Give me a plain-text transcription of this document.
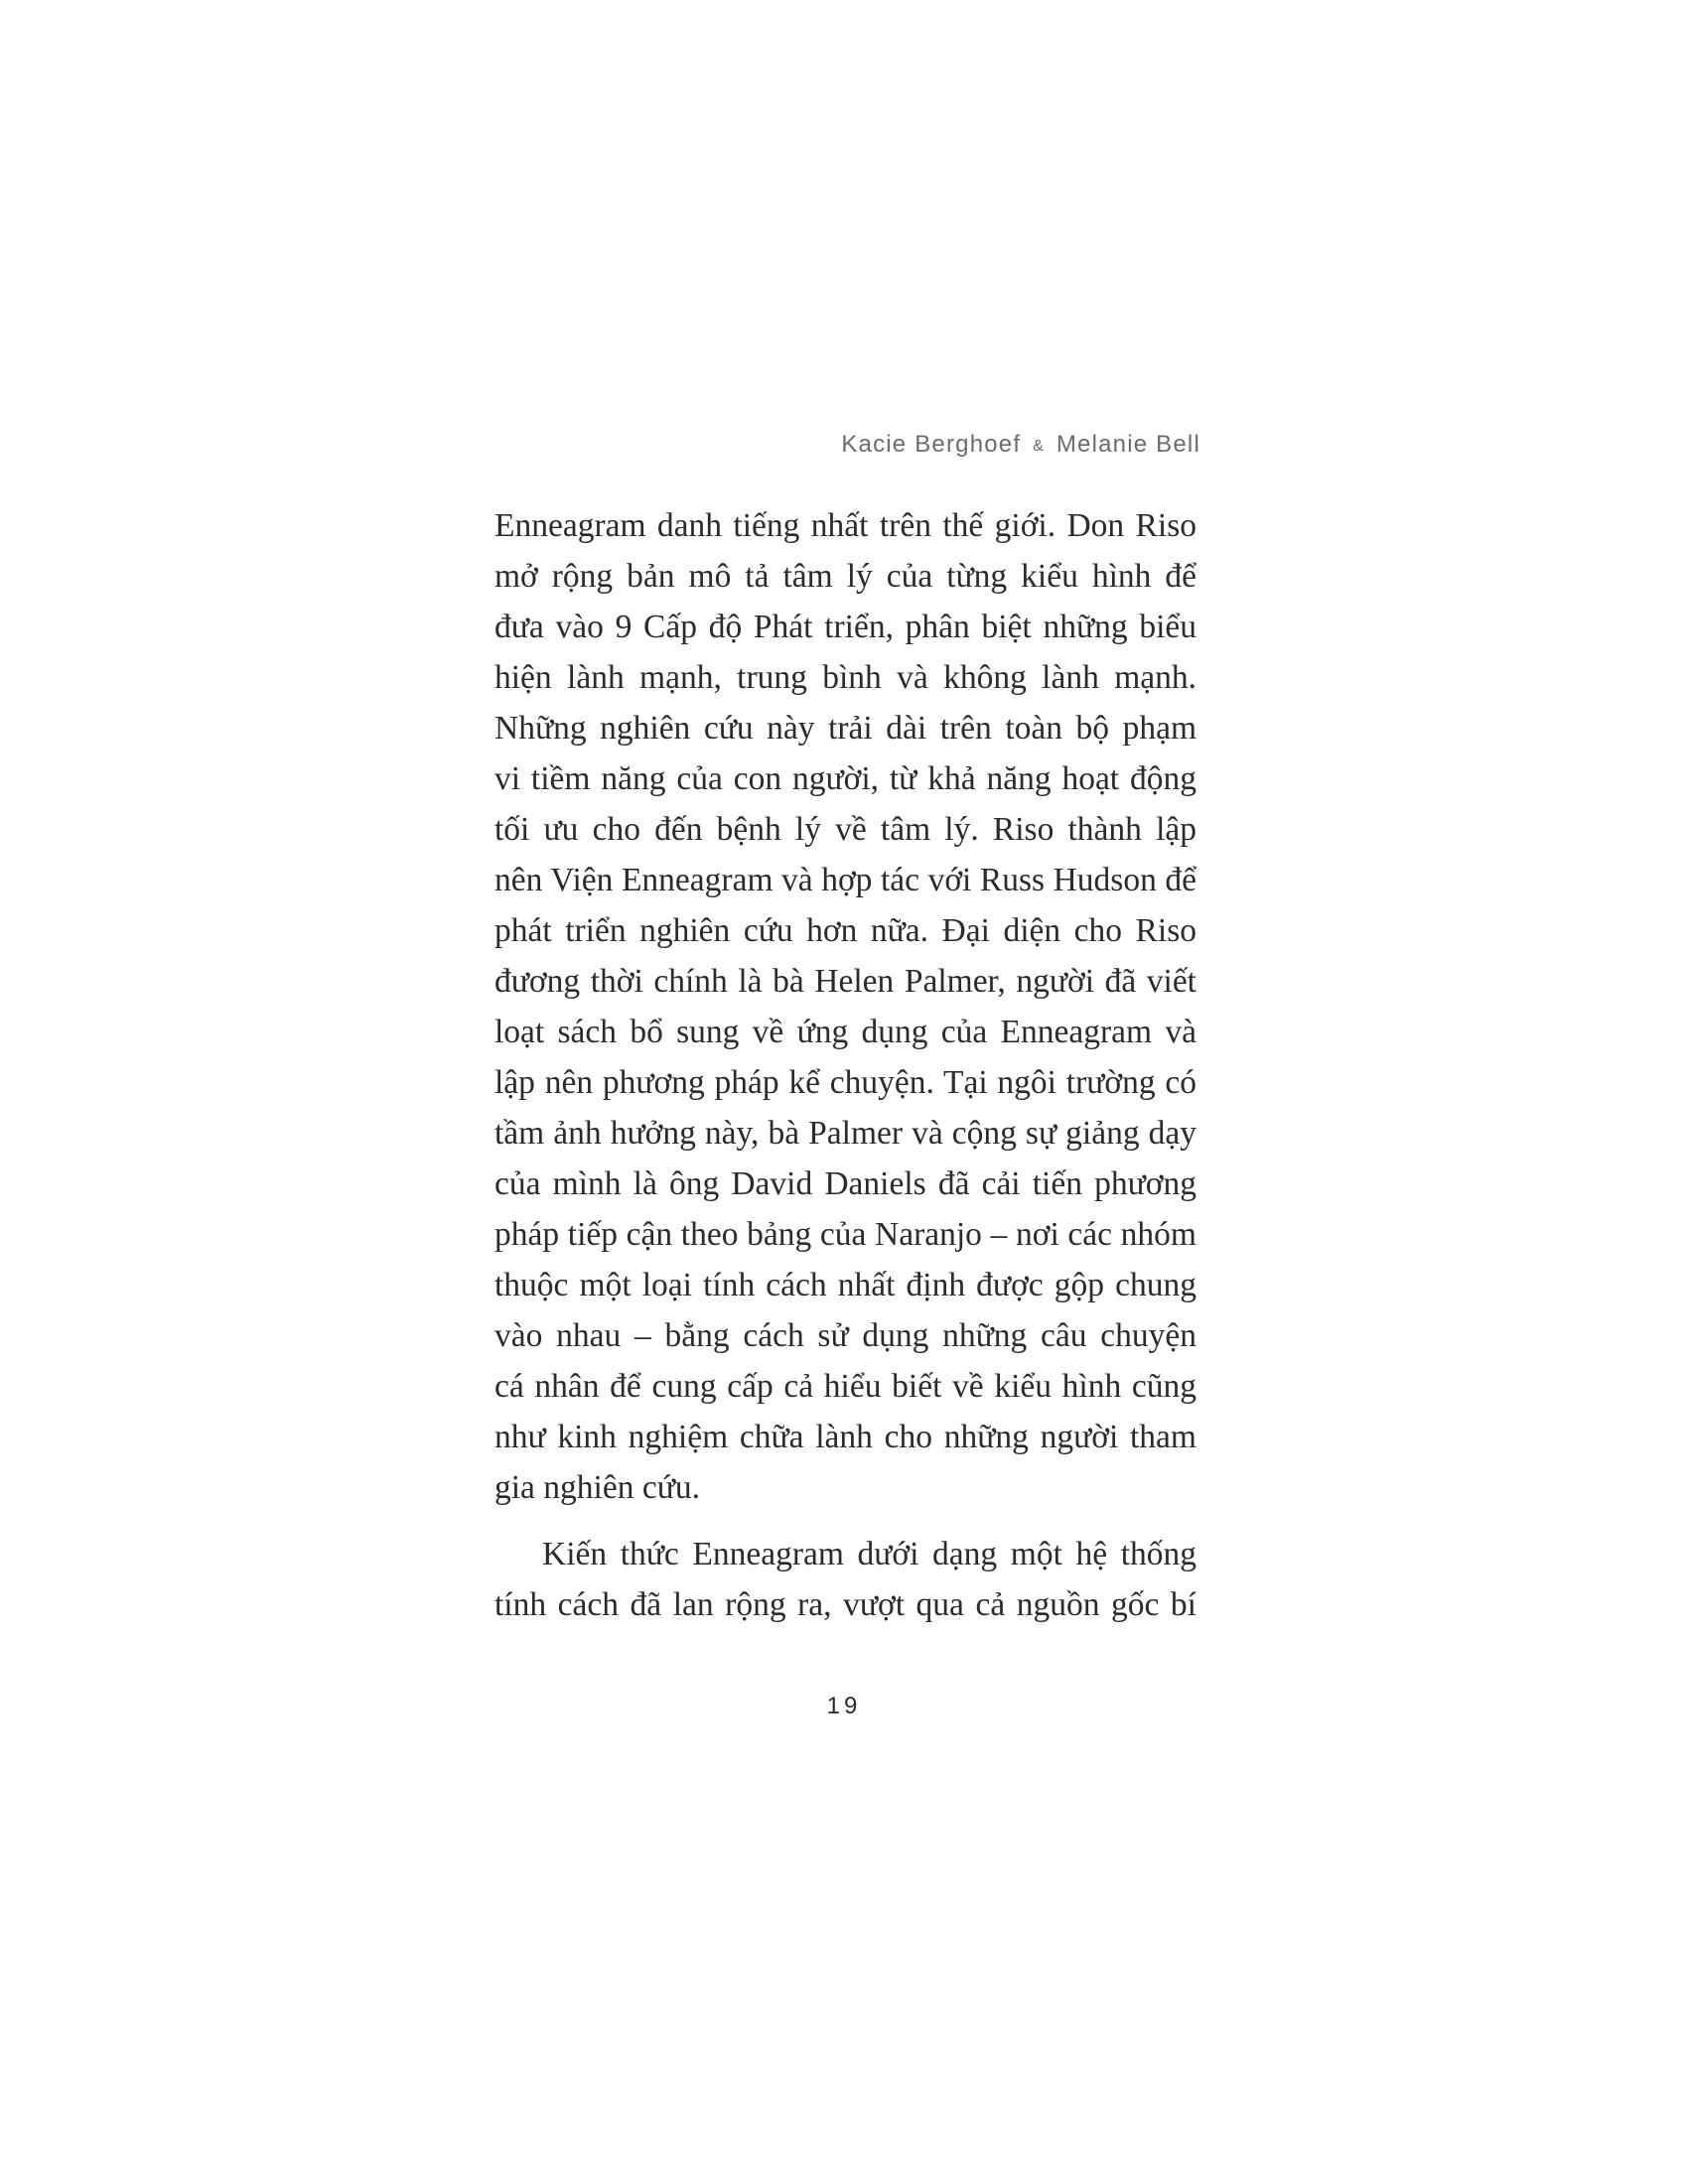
Kacie Berghoef & Melanie Bell
Enneagram danh tiếng nhất trên thế giới. Don Riso
mở rộng bản mô tả tâm lý của từng kiểu hình để
đưa vào 9 Cấp độ Phát triển, phân biệt những biểu
hiện lành mạnh, trung bình và không lành mạnh.
Những nghiên cứu này trải dài trên toàn bộ phạm
vi tiềm năng của con người, từ khả năng hoạt động
tối ưu cho đến bệnh lý về tâm lý. Riso thành lập
nên Viện Enneagram và hợp tác với Russ Hudson để
phát triển nghiên cứu hơn nữa. Đại diện cho Riso
đương thời chính là bà Helen Palmer, người đã viết
loạt sách bổ sung về ứng dụng của Enneagram và
lập nên phương pháp kể chuyện. Tại ngôi trường có
tầm ảnh hưởng này, bà Palmer và cộng sự giảng dạy
của mình là ông David Daniels đã cải tiến phương
pháp tiếp cận theo bảng của Naranjo – nơi các nhóm
thuộc một loại tính cách nhất định được gộp chung
vào nhau – bằng cách sử dụng những câu chuyện
cá nhân để cung cấp cả hiểu biết về kiểu hình cũng
như kinh nghiệm chữa lành cho những người tham
gia nghiên cứu.
Kiến thức Enneagram dưới dạng một hệ thống
tính cách đã lan rộng ra, vượt qua cả nguồn gốc bí
19
